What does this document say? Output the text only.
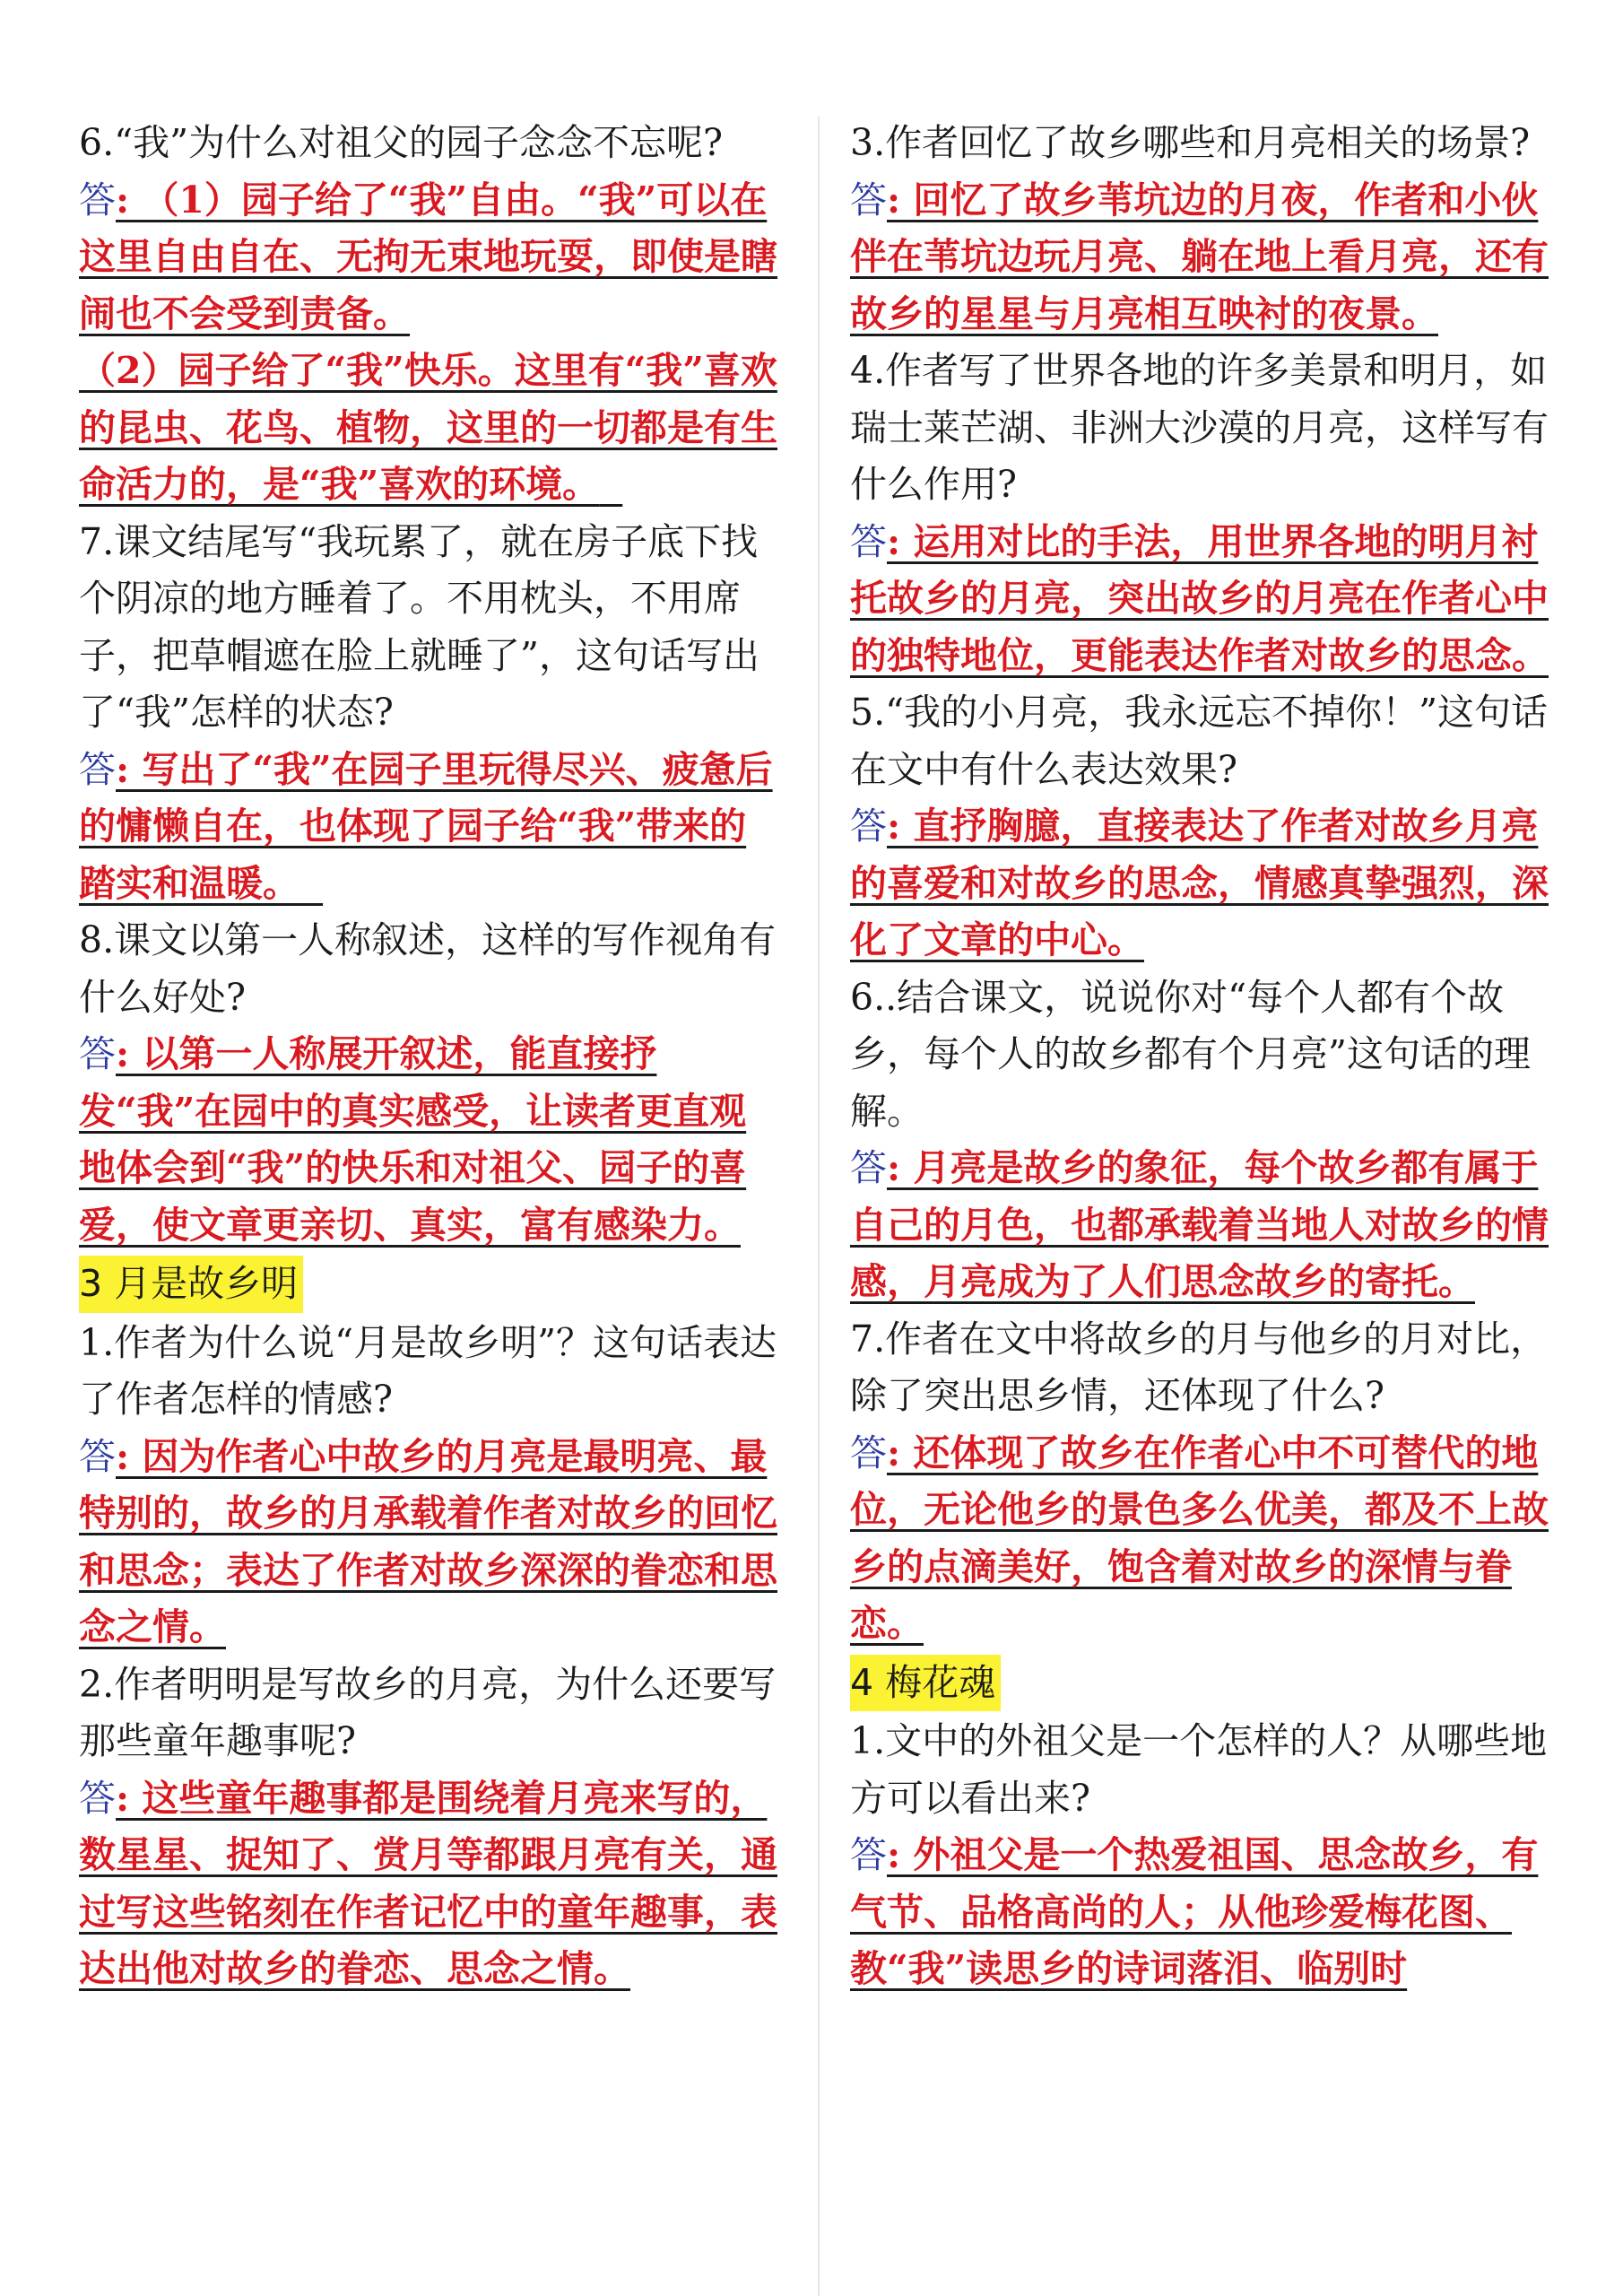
6.“我”为什么对祖父的园子念念不忘呢?

答: （1）园子给了“我”自由。“我”可以在这里自由自在、无拘无束地玩耍，即使是瞎闹也不会受到责备。

（2）园子给了“我”快乐。这里有“我”喜欢的昆虫、花鸟、植物，这里的一切都是有生命活力的，是“我”喜欢的环境。

7.课文结尾写“我玩累了，就在房子底下找个阴凉的地方睡着了。不用枕头，不用席子，把草帽遮在脸上就睡了”，这句话写出了“我”怎样的状态?

答: 写出了“我”在园子里玩得尽兴、疲惫后的慵懒自在，也体现了园子给“我”带来的踏实和温暖。

8.课文以第一人称叙述，这样的写作视角有什么好处?

答: 以第一人称展开叙述，能直接抒发“我”在园中的真实感受，让读者更直观地体会到“我”的快乐和对祖父、园子的喜爱，使文章更亲切、真实，富有感染力。

3 月是故乡明

1.作者为什么说“月是故乡明”？这句话表达了作者怎样的情感?

答: 因为作者心中故乡的月亮是最明亮、最特别的，故乡的月承载着作者对故乡的回忆和思念；表达了作者对故乡深深的眷恋和思念之情。

2.作者明明是写故乡的月亮，为什么还要写那些童年趣事呢?

答: 这些童年趣事都是围绕着月亮来写的，数星星、捉知了、赏月等都跟月亮有关，通过写这些铭刻在作者记忆中的童年趣事，表达出他对故乡的眷恋、思念之情。

3.作者回忆了故乡哪些和月亮相关的场景?

答: 回忆了故乡苇坑边的月夜，作者和小伙伴在苇坑边玩月亮、躺在地上看月亮，还有故乡的星星与月亮相互映衬的夜景。

4.作者写了世界各地的许多美景和明月，如瑞士莱芒湖、非洲大沙漠的月亮，这样写有什么作用?

答: 运用对比的手法，用世界各地的明月衬托故乡的月亮，突出故乡的月亮在作者心中的独特地位，更能表达作者对故乡的思念。

5.“我的小月亮，我永远忘不掉你！”这句话在文中有什么表达效果?

答: 直抒胸臆，直接表达了作者对故乡月亮的喜爱和对故乡的思念，情感真挚强烈，深化了文章的中心。

6..结合课文，说说你对“每个人都有个故乡，每个人的故乡都有个月亮”这句话的理解。

答: 月亮是故乡的象征，每个故乡都有属于自己的月色，也都承载着当地人对故乡的情感，月亮成为了人们思念故乡的寄托。

7.作者在文中将故乡的月与他乡的月对比，除了突出思乡情，还体现了什么?

答: 还体现了故乡在作者心中不可替代的地位，无论他乡的景色多么优美，都及不上故乡的点滴美好，饱含着对故乡的深情与眷恋。

4 梅花魂

1.文中的外祖父是一个怎样的人？从哪些地方可以看出来?

答: 外祖父是一个热爱祖国、思念故乡，有气节、品格高尚的人；从他珍爱梅花图、教“我”读思乡的诗词落泪、临别时
